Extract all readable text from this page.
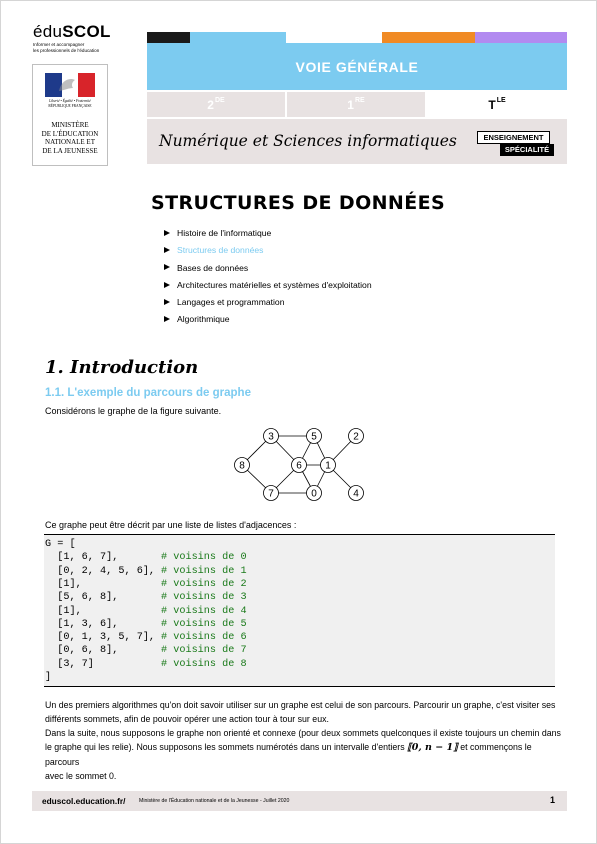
éduSCOL
Informer et accompagner
les professionnels de l'éducation
Liberté • Égalité • Fraternité
RÉPUBLIQUE FRANÇAISE
MINISTÈRE
DE L'ÉDUCATION
NATIONALE ET
DE LA JEUNESSE
VOIE GÉNÉRALE
2DE	1RE	$T^{LE}$
Numérique et Sciences informatiques	ENSEIGNEMENT
SPÉCIALITÉ
STRUCTURES DE DONNÉES
Histoire de l'informatique
Structures de données
Bases de données
Architectures matérielles et systèmes d'exploitation
Langages et programmation
Algorithmique
1. Introduction
1.1. L'exemple du parcours de graphe
Considérons le graphe de la figure suivante.
0
1
2
3
4
5
6
7
8
Ce graphe peut être décrit par une liste de listes d'adjacences :
G = [
[1, 6, 7],	# voisins de 0
[0, 2, 4, 5, 6], # voisins de 1
[1],	# voisins de 2
[5, 6, 8],	# voisins de 3
[1],	# voisins de 4
[1, 3, 6],	# voisins de 5
[0, 1, 3, 5, 7], # voisins de 6
[0, 6, 8],	# voisins de 7
[3, 7]	# voisins de 8
]
Un des premiers algorithmes qu'on doit savoir utiliser sur un graphe est celui de son parcours. Parcourir un graphe, c'est visiter ses
différents sommets, afin de pouvoir opérer une action tour à tour sur eux.
Dans la suite, nous supposons le graphe non orienté et connexe (pour deux sommets quelconques il existe toujours un chemin dans
le graphe qui les relie). Nous supposons les sommets numérotés dans un intervalle d'entiers ⟦0, n − 1⟧ et commençons le parcours
avec le sommet 0.
eduscol.education.fr/	Ministère de l'Éducation nationale et de la Jeunesse - Juillet 2020	1
